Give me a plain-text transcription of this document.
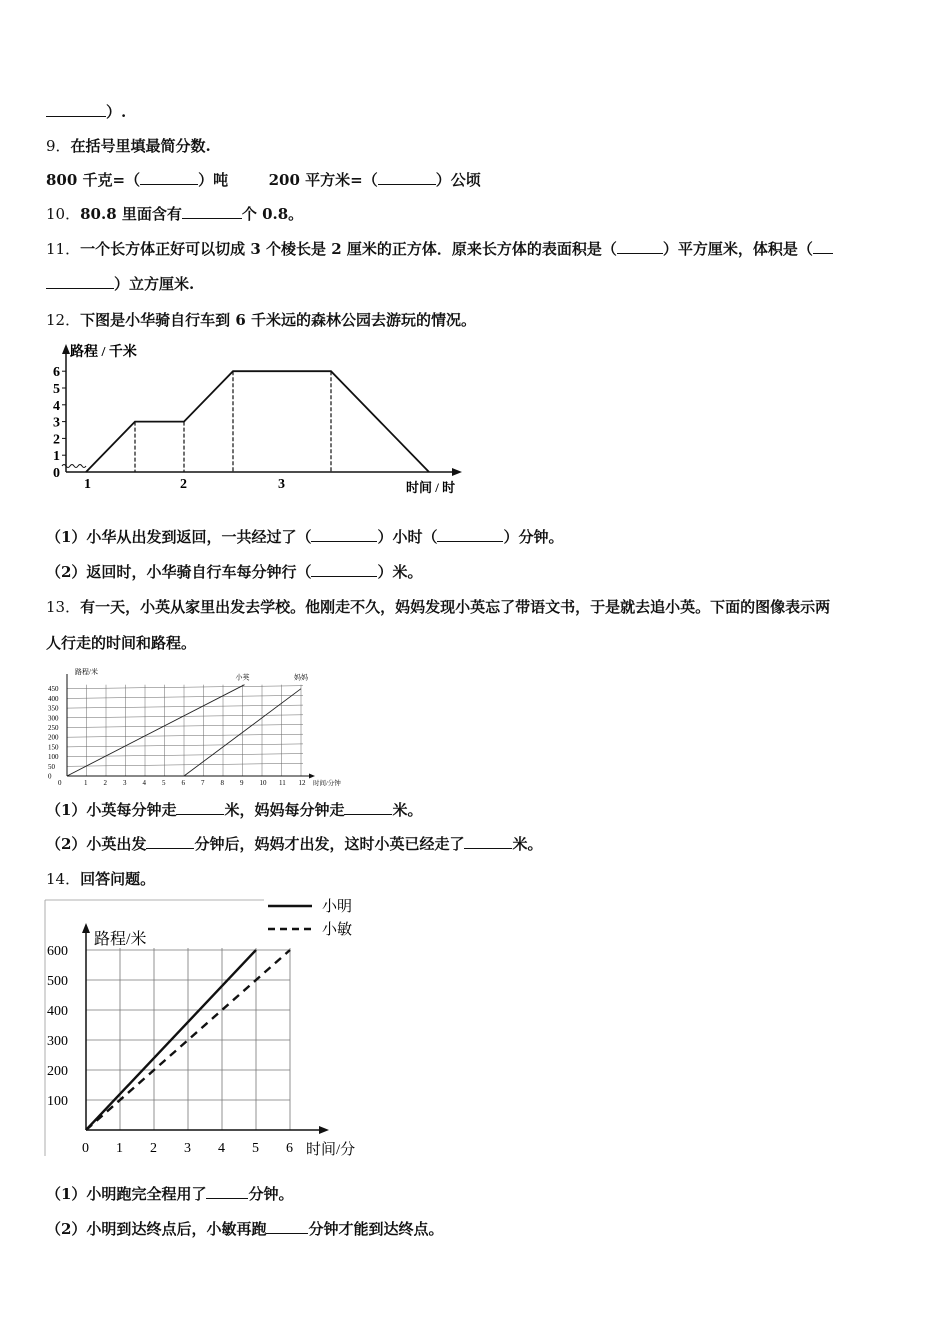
）.
9．在括号里填最简分数.
800 千克=（	）吨	200 平方米=（	）公顷
10．80.8 里面含有	个 0.8。
11．一个长方体正好可以切成 3 个棱长是 2 厘米的正方体．原来长方体的表面积是（	）平方厘米，体积是（
）立方厘米.
12．下图是小华骑自行车到 6 千米远的森林公园去游玩的情况。
路程 / 千米
时间 / 时
0
1
2
3
4
5
6
1	2	3
（1）小华从出发到返回，一共经过了（	）小时（	）分钟。
（2）返回时，小华骑自行车每分钟行（	）米。
13．有一天，小英从家里出发去学校。他刚走不久，妈妈发现小英忘了带语文书，于是就去追小英。下面的图像表示两
人行走的时间和路程。
路程/米
时间/分钟
0
50
100
150
200
250
300
350
400
450
0	1 2 3 4 5 6 7 8 9 10 11 12
小英	妈妈
（1）小英每分钟走	米，妈妈每分钟走	米。
（2）小英出发	分钟后，妈妈才出发，这时小英已经走了	米。
14．回答问题。
小明
小敏
路程/米
时间/分
100
200
300
400
500
600
0 1 2 3 4 5 6
（1）小明跑完全程用了	分钟。
（2）小明到达终点后，小敏再跑	分钟才能到达终点。
